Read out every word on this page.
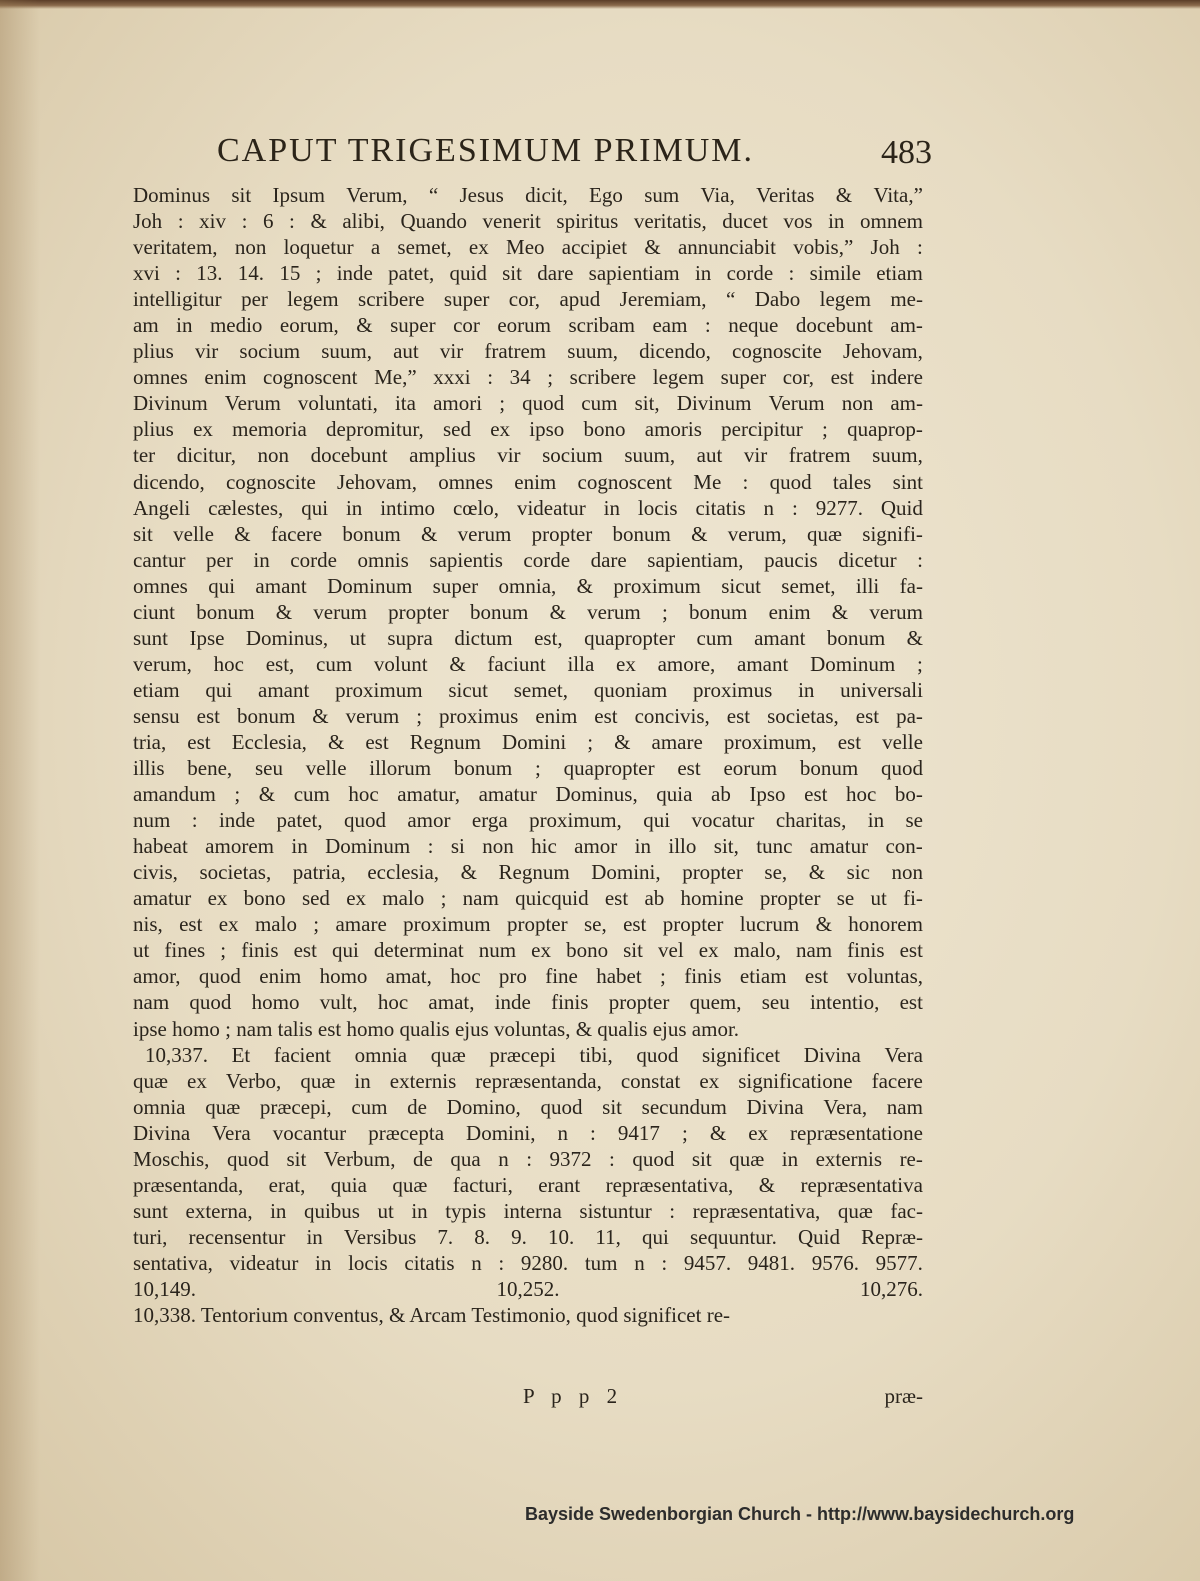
CAPUT TRIGESIMUM PRIMUM.	483
Dominus sit Ipsum Verum, “ Jesus dicit, Ego sum Via, Veritas & Vita,”
Joh : xiv : 6 : & alibi, Quando venerit spiritus veritatis, ducet vos in omnem
veritatem, non loquetur a semet, ex Meo accipiet & annunciabit vobis,” Joh :
xvi : 13. 14. 15 ; inde patet, quid sit dare sapientiam in corde : simile etiam
intelligitur per legem scribere super cor, apud Jeremiam, “ Dabo legem me-
am in medio eorum, & super cor eorum scribam eam : neque docebunt am-
plius vir socium suum, aut vir fratrem suum, dicendo, cognoscite Jehovam,
omnes enim cognoscent Me,” xxxi : 34 ; scribere legem super cor, est indere
Divinum Verum voluntati, ita amori ; quod cum sit, Divinum Verum non am-
plius ex memoria depromitur, sed ex ipso bono amoris percipitur ; quaprop-
ter dicitur, non docebunt amplius vir socium suum, aut vir fratrem suum,
dicendo, cognoscite Jehovam, omnes enim cognoscent Me : quod tales sint
Angeli cælestes, qui in intimo cœlo, videatur in locis citatis n : 9277. Quid
sit velle & facere bonum & verum propter bonum & verum, quæ signifi-
cantur per in corde omnis sapientis corde dare sapientiam, paucis dicetur :
omnes qui amant Dominum super omnia, & proximum sicut semet, illi fa-
ciunt bonum & verum propter bonum & verum ; bonum enim & verum
sunt Ipse Dominus, ut supra dictum est, quapropter cum amant bonum &
verum, hoc est, cum volunt & faciunt illa ex amore, amant Dominum ;
etiam qui amant proximum sicut semet, quoniam proximus in universali
sensu est bonum & verum ; proximus enim est concivis, est societas, est pa-
tria, est Ecclesia, & est Regnum Domini ; & amare proximum, est velle
illis bene, seu velle illorum bonum ; quapropter est eorum bonum quod
amandum ; & cum hoc amatur, amatur Dominus, quia ab Ipso est hoc bo-
num : inde patet, quod amor erga proximum, qui vocatur charitas, in se
habeat amorem in Dominum : si non hic amor in illo sit, tunc amatur con-
civis, societas, patria, ecclesia, & Regnum Domini, propter se, & sic non
amatur ex bono sed ex malo ; nam quicquid est ab homine propter se ut fi-
nis, est ex malo ; amare proximum propter se, est propter lucrum & honorem
ut fines ; finis est qui determinat num ex bono sit vel ex malo, nam finis est
amor, quod enim homo amat, hoc pro fine habet ; finis etiam est voluntas,
nam quod homo vult, hoc amat, inde finis propter quem, seu intentio, est
ipse homo ; nam talis est homo qualis ejus voluntas, & qualis ejus amor.
10,337. Et facient omnia quæ præcepi tibi, quod significet Divina Vera
quæ ex Verbo, quæ in externis repræsentanda, constat ex significatione facere
omnia quæ præcepi, cum de Domino, quod sit secundum Divina Vera, nam
Divina Vera vocantur præcepta Domini, n : 9417 ; & ex repræsentatione
Moschis, quod sit Verbum, de qua n : 9372 : quod sit quæ in externis re-
præsentanda, erat, quia quæ facturi, erant repræsentativa, & repræsentativa
sunt externa, in quibus ut in typis interna sistuntur : repræsentativa, quæ fac-
turi, recensentur in Versibus 7. 8. 9. 10. 11, qui sequuntur. Quid Repræ-
sentativa, videatur in locis citatis n : 9280. tum n : 9457. 9481. 9576. 9577.
10,149.	10,252.	10,276.
10,338. Tentorium conventus, & Arcam Testimonio, quod significet re-
P p p 2	præ-
Bayside Swedenborgian Church - http://www.baysidechurch.org
